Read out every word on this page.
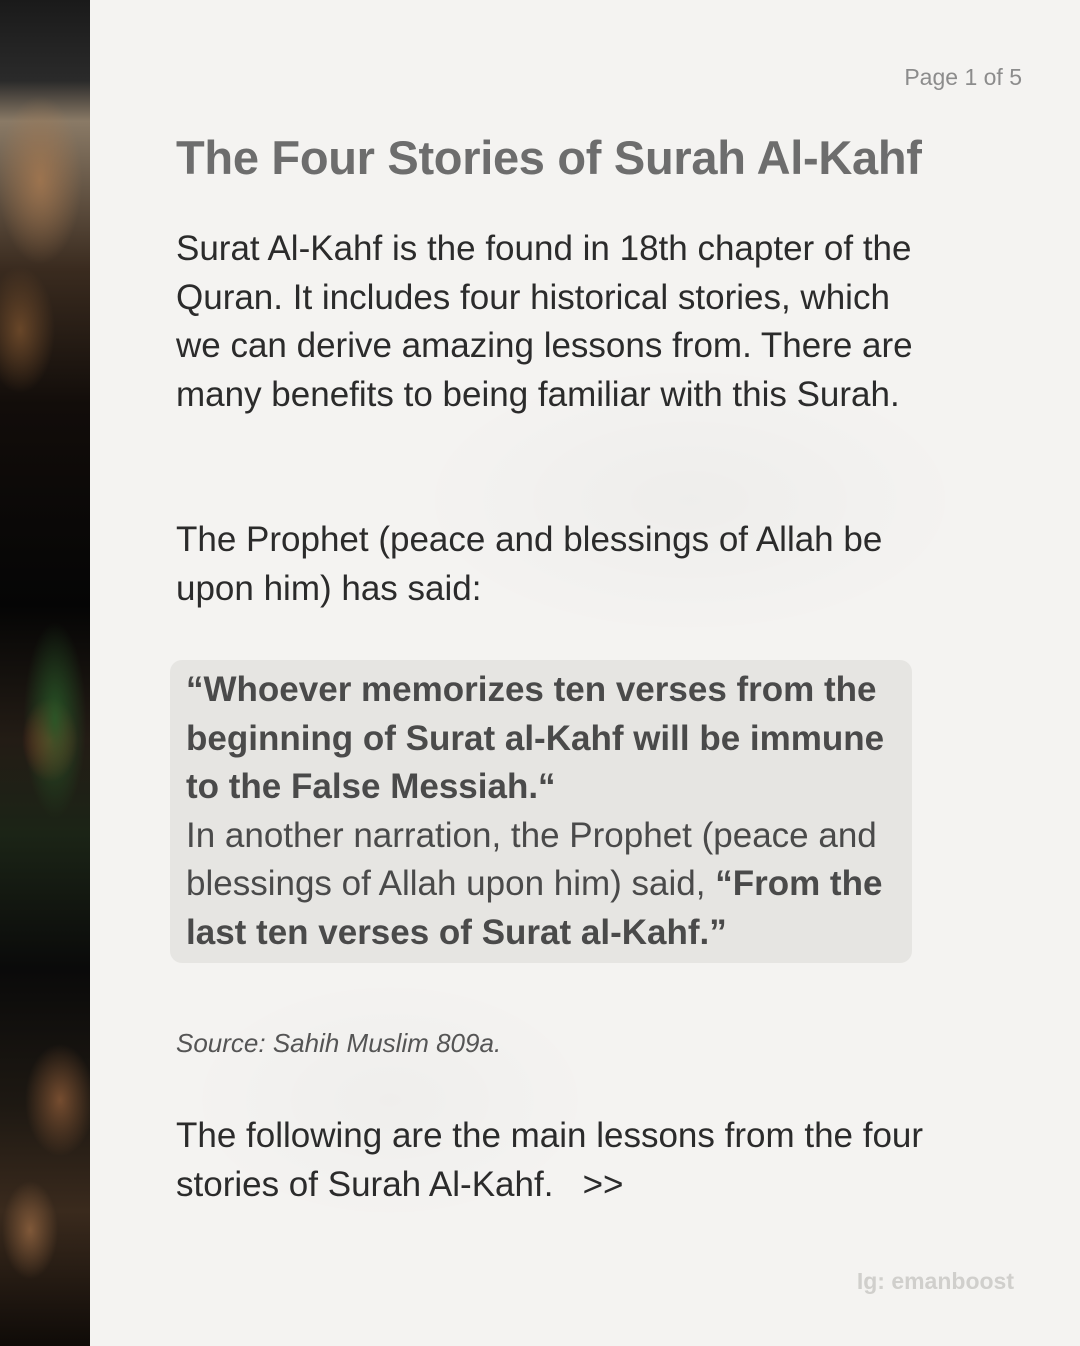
Page 1 of 5
The Four Stories of Surah Al-Kahf

Surat Al-Kahf is the found in 18th chapter of the Quran. It includes four historical stories, which we can derive amazing lessons from. There are many benefits to being familiar with this Surah.

The Prophet (peace and blessings of Allah be upon him) has said:

“Whoever memorizes ten verses from the beginning of Surat al-Kahf will be immune to the False Messiah.“
In another narration, the Prophet (peace and blessings of Allah upon him) said, “From the last ten verses of Surat al-Kahf.”
Source: Sahih Muslim 809a.

The following are the main lessons from the four stories of Surah Al-Kahf. >>

Ig: emanboost
